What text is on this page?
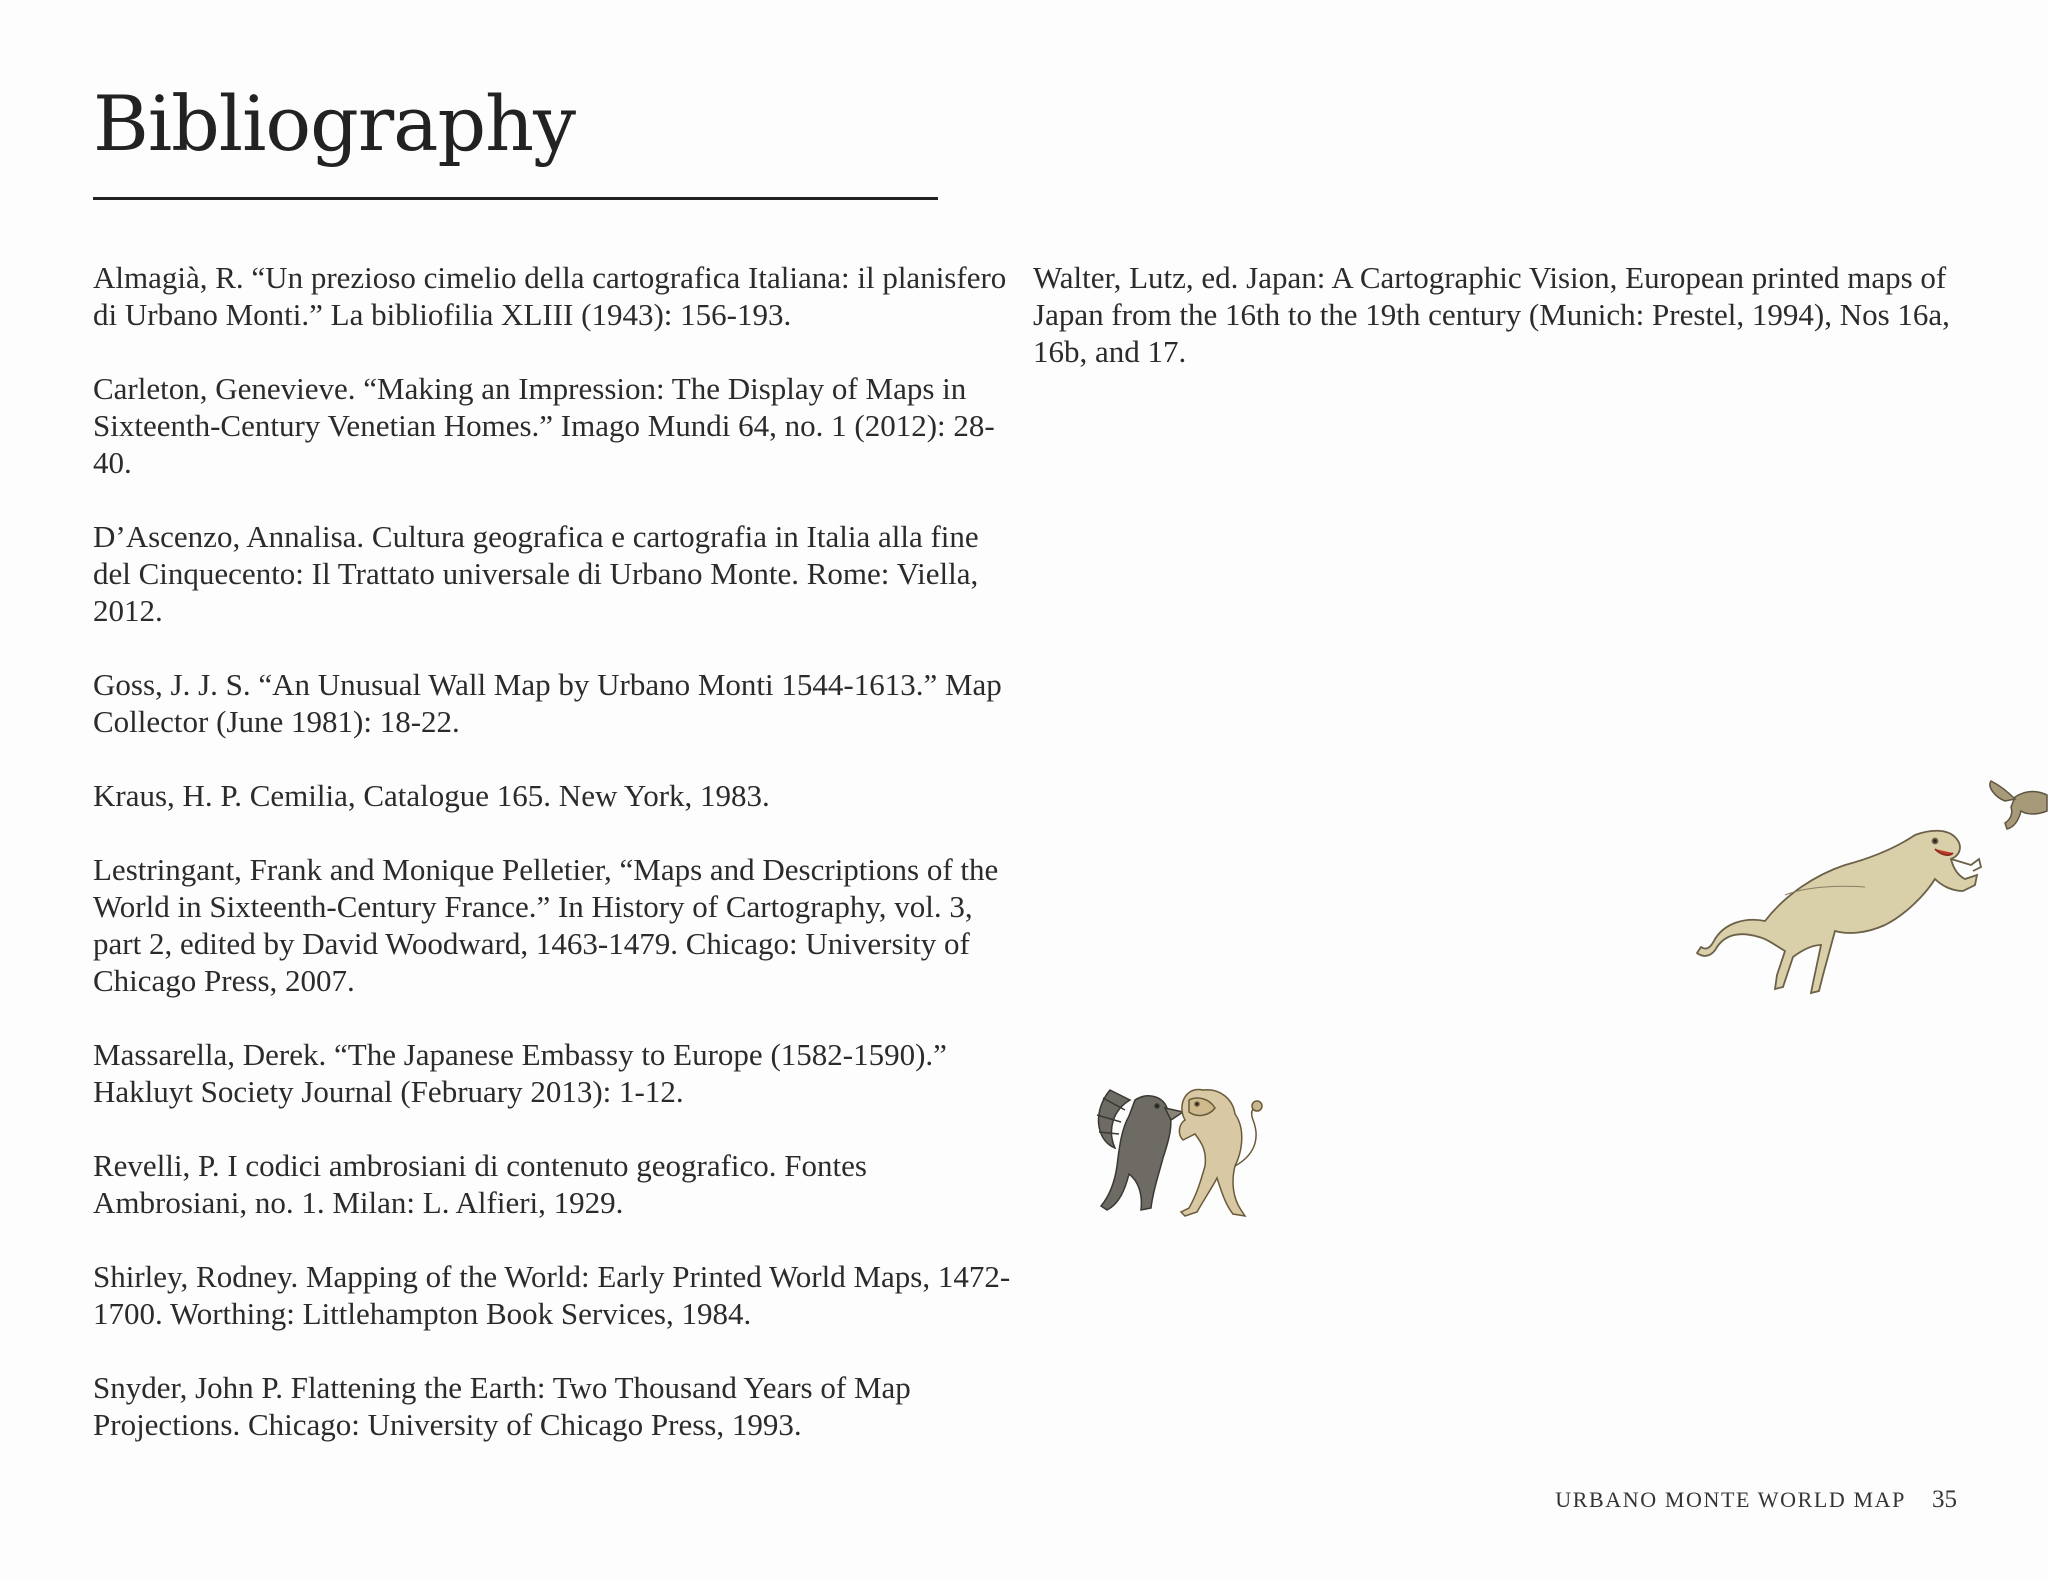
Bibliography

Almagià, R. “Un prezioso cimelio della cartografica Italiana: il planisfero di Urbano Monti.” La bibliofilia XLIII (1943): 156-193.

Carleton, Genevieve. “Making an Impression: The Display of Maps in Sixteenth-Century Venetian Homes.” Imago Mundi 64, no. 1 (2012): 28-40.

D’Ascenzo, Annalisa. Cultura geografica e cartografia in Italia alla fine del Cinquecento: Il Trattato universale di Urbano Monte. Rome: Viella, 2012.

Goss, J. J. S. “An Unusual Wall Map by Urbano Monti 1544-1613.” Map Collector (June 1981): 18-22.

Kraus, H. P. Cemilia, Catalogue 165. New York, 1983.

Lestringant, Frank and Monique Pelletier, “Maps and Descriptions of the World in Sixteenth-Century France.” In History of Cartography, vol. 3, part 2, edited by David Woodward, 1463-1479. Chicago: University of Chicago Press, 2007.

Massarella, Derek. “The Japanese Embassy to Europe (1582-1590).” Hakluyt Society Journal (February 2013): 1-12.

Revelli, P. I codici ambrosiani di contenuto geografico. Fontes Ambrosiani, no. 1. Milan: L. Alfieri, 1929.

Shirley, Rodney. Mapping of the World: Early Printed World Maps, 1472-1700. Worthing: Littlehampton Book Services, 1984.

Snyder, John P. Flattening the Earth: Two Thousand Years of Map Projections. Chicago: University of Chicago Press, 1993.

Walter, Lutz, ed. Japan: A Cartographic Vision, European printed maps of Japan from the 16th to the 19th century (Munich: Prestel, 1994), Nos 16a, 16b, and 17.

URBANO MONTE WORLD MAP 35
